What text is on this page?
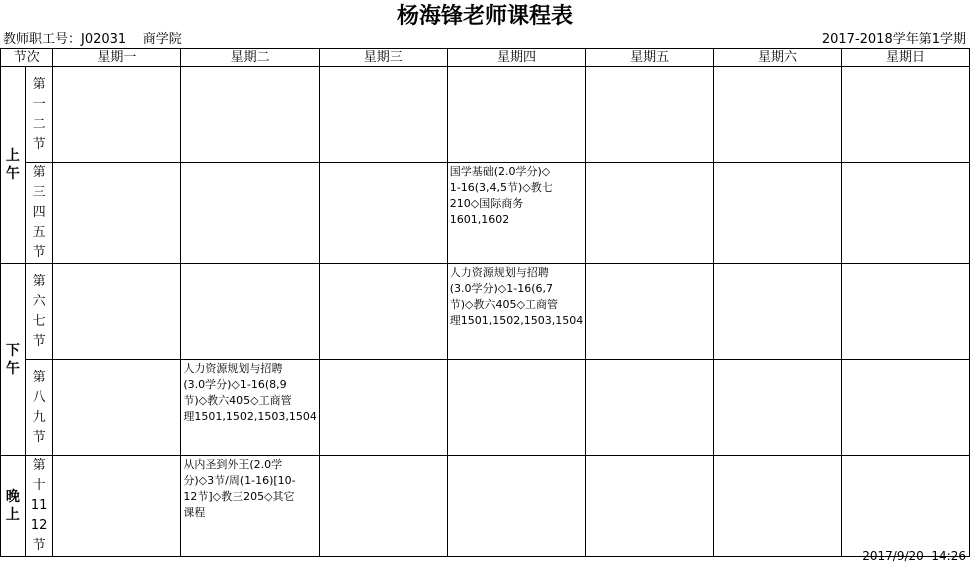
杨海锋老师课程表
教师职工号：J02031    商学院	2017-2018学年第1学期
节次		星期一	星期二	星期三	星期四	星期五	星期六	星期日
上
午	第
一
二
节							
	第
三
四
五
节				国学基础(2.0学分)◇
1-16(3,4,5节)◇教七
210◇国际商务
1601,1602			

下
午	第
六
七
节				人力资源规划与招聘
(3.0学分)◇1-16(6,7
节)◇教六405◇工商管
理1501,1502,1503,1504			

	第
八
九
节		人力资源规划与招聘
(3.0学分)◇1-16(8,9
节)◇教六405◇工商管
理1501,1502,1503,1504					

晚
上	第
十
11
12
节		从内圣到外王(2.0学
分)◇3节/周(1-16)[10-
12节]◇教三205◇其它
课程					

2017/9/20  14:26
